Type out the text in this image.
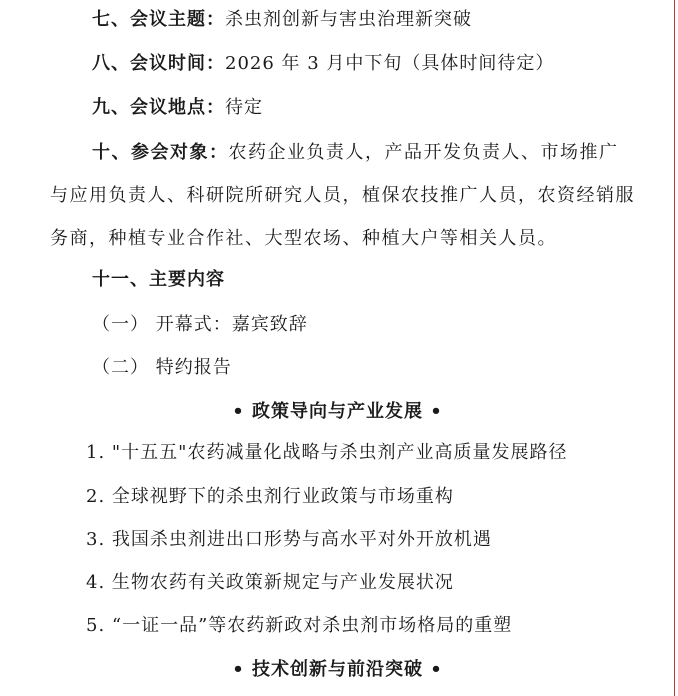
七、会议主题：杀虫剂创新与害虫治理新突破
八、会议时间：2026 年 3 月中下旬（具体时间待定）
九、会议地点：待定
十、参会对象：农药企业负责人，产品开发负责人、市场推广与应用负责人、科研院所研究人员，植保农技推广人员，农资经销服务商，种植专业合作社、大型农场、种植大户等相关人员。
十一、主要内容
（一） 开幕式：嘉宾致辞
（二） 特约报告
• 政策导向与产业发展 •
1. "十五五"农药减量化战略与杀虫剂产业高质量发展路径
2. 全球视野下的杀虫剂行业政策与市场重构
3. 我国杀虫剂进出口形势与高水平对外开放机遇
4. 生物农药有关政策新规定与产业发展状况
5. “一证一品”等农药新政对杀虫剂市场格局的重塑
• 技术创新与前沿突破 •
